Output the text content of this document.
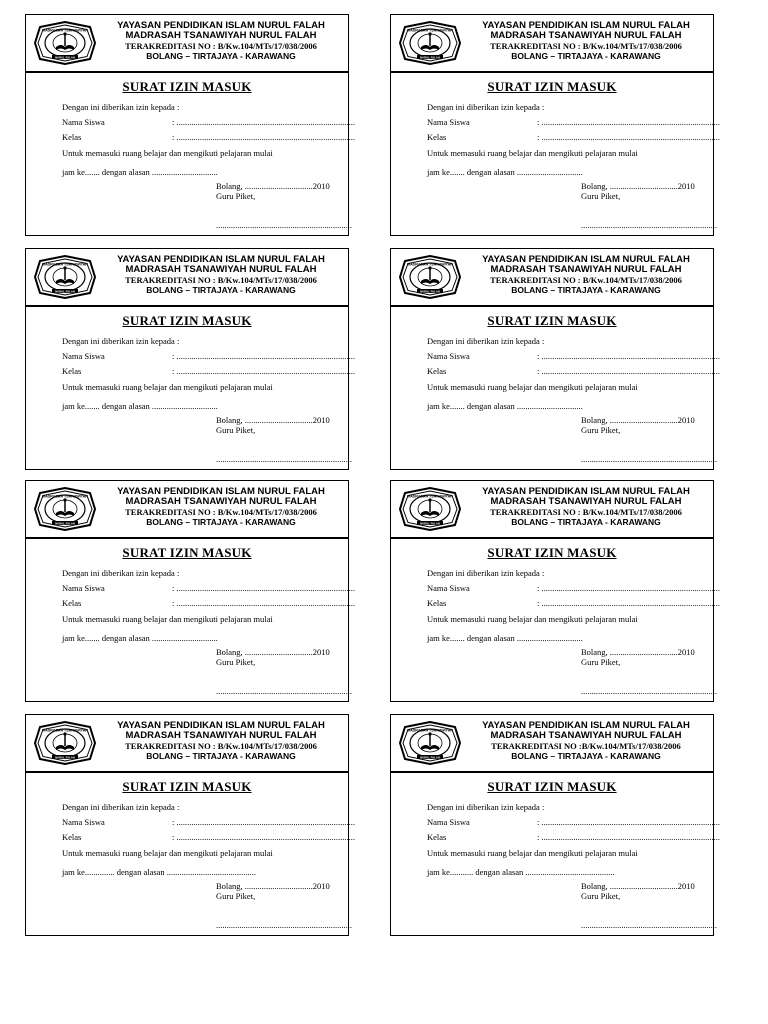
MADRASAH TSANAWIYAH
NURUL FALAH
YAYASAN PENDIDIKAN ISLAM NURUL FALAH
MADRASAH TSANAWIYAH NURUL FALAH
TERAKREDITASI NO : B/Kw.104/MTs/17/038/2006
BOLANG – TIRTAJAYA - KARAWANG
SURAT IZIN MASUK
Dengan ini diberikan izin kepada :
Nama Siswa	: ....................................................................................
Kelas	: ....................................................................................
Untuk memasuki ruang belajar dan mengikuti pelajaran mulai
jam ke....... dengan alasan ...............................
Bolang, ................................2010
Guru Piket,
................................................................
MADRASAH TSANAWIYAH
NURUL FALAH
YAYASAN PENDIDIKAN ISLAM NURUL FALAH
MADRASAH TSANAWIYAH NURUL FALAH
TERAKREDITASI NO : B/Kw.104/MTs/17/038/2006
BOLANG – TIRTAJAYA - KARAWANG
SURAT IZIN MASUK
Dengan ini diberikan izin kepada :
Nama Siswa	: ....................................................................................
Kelas	: ....................................................................................
Untuk memasuki ruang belajar dan mengikuti pelajaran mulai
jam ke....... dengan alasan ...............................
Bolang, ................................2010
Guru Piket,
................................................................
MADRASAH TSANAWIYAH
NURUL FALAH
YAYASAN PENDIDIKAN ISLAM NURUL FALAH
MADRASAH TSANAWIYAH NURUL FALAH
TERAKREDITASI NO : B/Kw.104/MTs/17/038/2006
BOLANG – TIRTAJAYA - KARAWANG
SURAT IZIN MASUK
Dengan ini diberikan izin kepada :
Nama Siswa	: ....................................................................................
Kelas	: ....................................................................................
Untuk memasuki ruang belajar dan mengikuti pelajaran mulai
jam ke....... dengan alasan ...............................
Bolang, ................................2010
Guru Piket,
................................................................
MADRASAH TSANAWIYAH
NURUL FALAH
YAYASAN PENDIDIKAN ISLAM NURUL FALAH
MADRASAH TSANAWIYAH NURUL FALAH
TERAKREDITASI NO : B/Kw.104/MTs/17/038/2006
BOLANG – TIRTAJAYA - KARAWANG
SURAT IZIN MASUK
Dengan ini diberikan izin kepada :
Nama Siswa	: ....................................................................................
Kelas	: ....................................................................................
Untuk memasuki ruang belajar dan mengikuti pelajaran mulai
jam ke....... dengan alasan ...............................
Bolang, ................................2010
Guru Piket,
................................................................
MADRASAH TSANAWIYAH
NURUL FALAH
YAYASAN PENDIDIKAN ISLAM NURUL FALAH
MADRASAH TSANAWIYAH NURUL FALAH
TERAKREDITASI NO : B/Kw.104/MTs/17/038/2006
BOLANG – TIRTAJAYA - KARAWANG
SURAT IZIN MASUK
Dengan ini diberikan izin kepada :
Nama Siswa	: ....................................................................................
Kelas	: ....................................................................................
Untuk memasuki ruang belajar dan mengikuti pelajaran mulai
jam ke....... dengan alasan ...............................
Bolang, ................................2010
Guru Piket,
................................................................
MADRASAH TSANAWIYAH
NURUL FALAH
YAYASAN PENDIDIKAN ISLAM NURUL FALAH
MADRASAH TSANAWIYAH NURUL FALAH
TERAKREDITASI NO : B/Kw.104/MTs/17/038/2006
BOLANG – TIRTAJAYA - KARAWANG
SURAT IZIN MASUK
Dengan ini diberikan izin kepada :
Nama Siswa	: ....................................................................................
Kelas	: ....................................................................................
Untuk memasuki ruang belajar dan mengikuti pelajaran mulai
jam ke....... dengan alasan ...............................
Bolang, ................................2010
Guru Piket,
................................................................
MADRASAH TSANAWIYAH
NURUL FALAH
YAYASAN PENDIDIKAN ISLAM NURUL FALAH
MADRASAH TSANAWIYAH NURUL FALAH
TERAKREDITASI NO : B/Kw.104/MTs/17/038/2006
BOLANG – TIRTAJAYA - KARAWANG
SURAT IZIN MASUK
Dengan ini diberikan izin kepada :
Nama Siswa	: ....................................................................................
Kelas	: ....................................................................................
Untuk memasuki ruang belajar dan mengikuti pelajaran mulai
jam ke.............. dengan alasan ..........................................
Bolang, ................................2010
Guru Piket,
................................................................
MADRASAH TSANAWIYAH
NURUL FALAH
YAYASAN PENDIDIKAN ISLAM NURUL FALAH
MADRASAH TSANAWIYAH NURUL FALAH
TERAKREDITASI NO :B/Kw.104/MTs/17/038/2006
BOLANG – TIRTAJAYA - KARAWANG
SURAT IZIN MASUK
Dengan ini diberikan izin kepada :
Nama Siswa	: ....................................................................................
Kelas	: ....................................................................................
Untuk memasuki ruang belajar dan mengikuti pelajaran mulai
jam ke........... dengan alasan ..........................................
Bolang, ................................2010
Guru Piket,
................................................................
